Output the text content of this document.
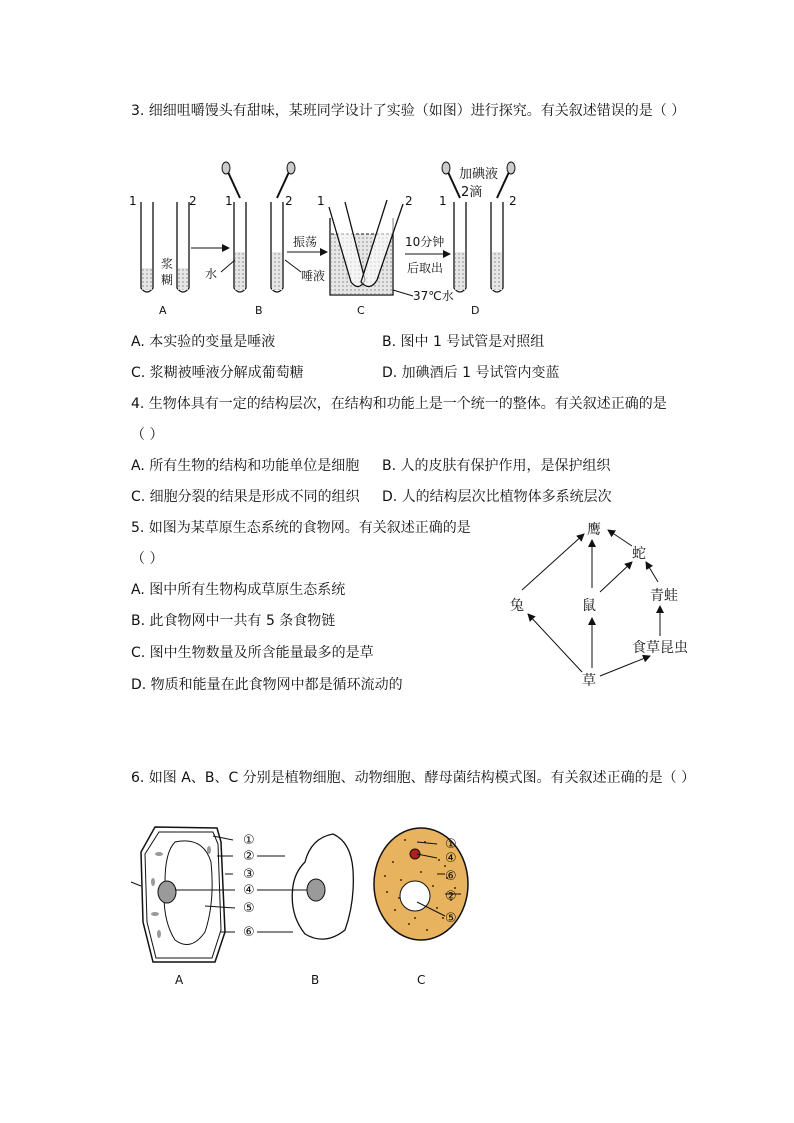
3. 细细咀嚼馒头有甜味，某班同学设计了实验（如图）进行探究。有关叙述错误的是（ ）
1	2
浆
糊
A
1	2
水
B
唾液
振荡
1	2
10分钟
后取出
37℃水
C
加碘液
2滴
1	2
D
A. 本实验的变量是唾液	B. 图中 1 号试管是对照组
C. 浆糊被唾液分解成葡萄糖	D. 加碘酒后 1 号试管内变蓝
4. 生物体具有一定的结构层次，在结构和功能上是一个统一的整体。有关叙述正确的是
（ ）
A. 所有生物的结构和功能单位是细胞 B. 人的皮肤有保护作用，是保护组织
C. 细胞分裂的结果是形成不同的组织 D. 人的结构层次比植物体多系统层次
5. 如图为某草原生态系统的食物网。有关叙述正确的是
（ ）
A. 图中所有生物构成草原生态系统
B. 此食物网中一共有 5 条食物链
C. 图中生物数量及所含能量最多的是草
D. 物质和能量在此食物网中都是循环流动的
鹰
蛇
兔	鼠
青蛙
食草昆虫
草
6. 如图 A、B、C 分别是植物细胞、动物细胞、酵母菌结构模式图。有关叙述正确的是（ ）
A
①
②
③
④
⑤
⑥
B	C
①
④
⑥
②
⑤
